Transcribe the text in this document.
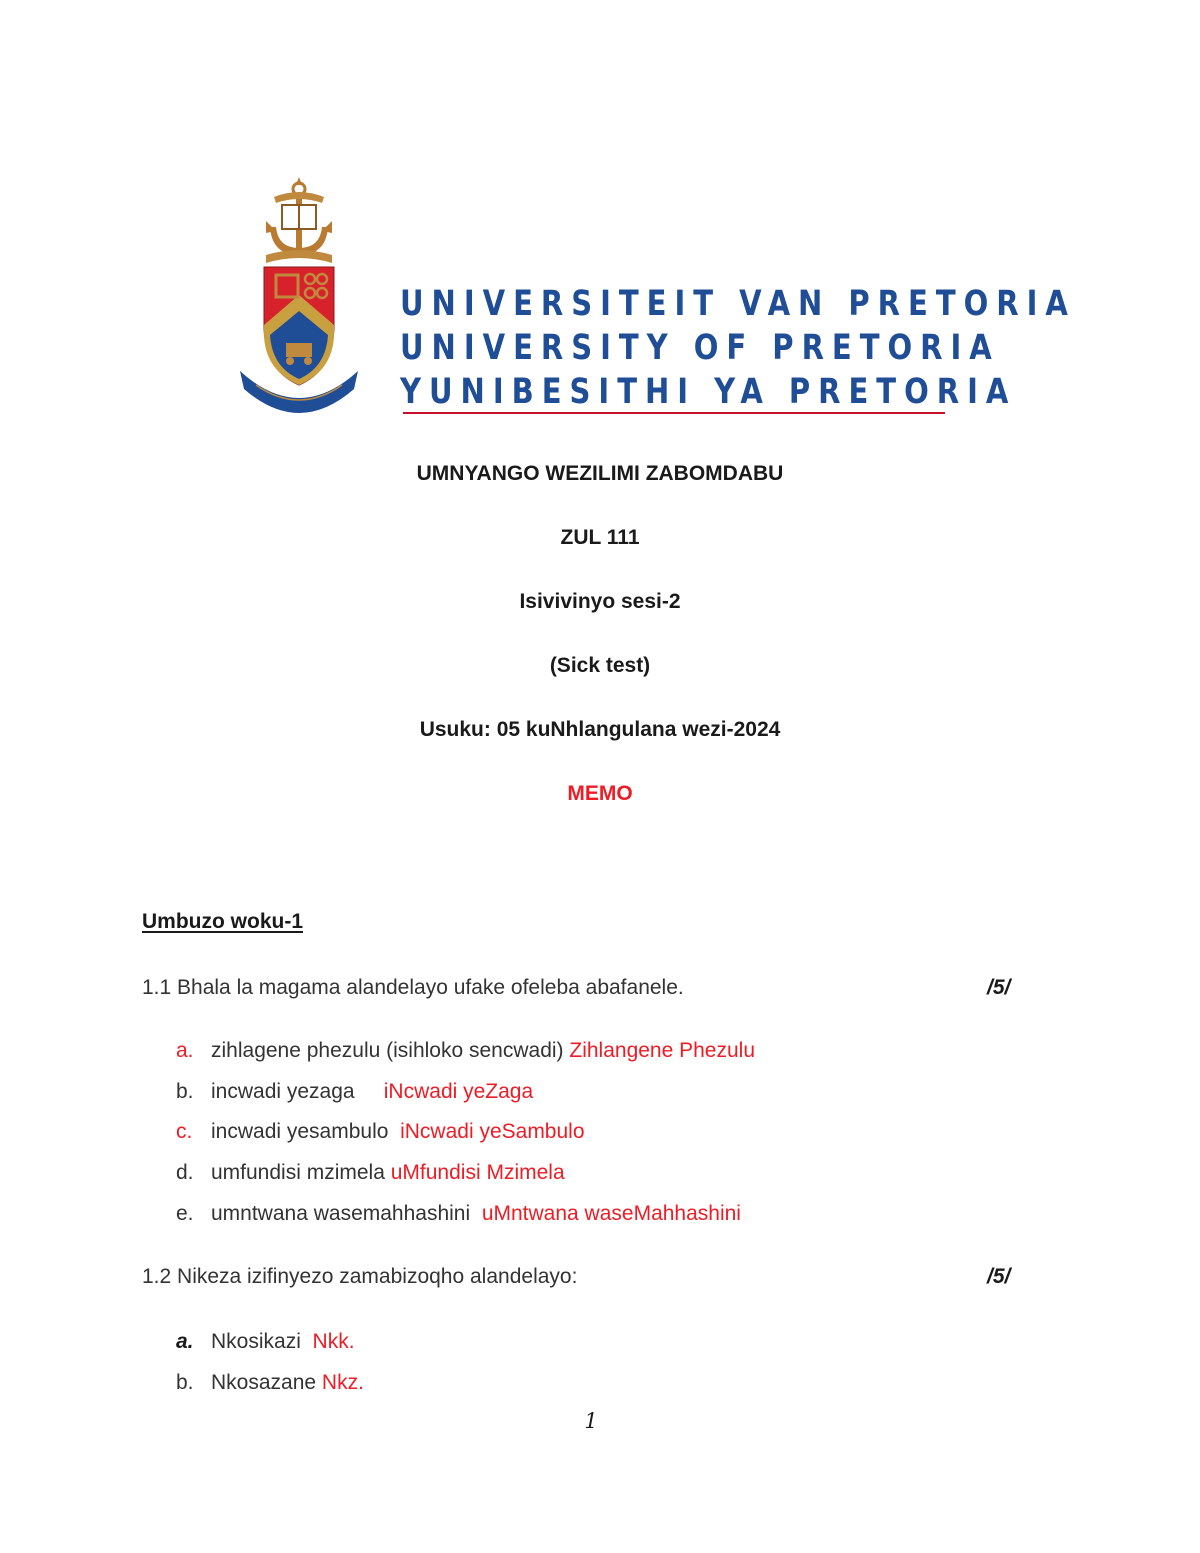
UNIVERSITEIT VAN PRETORIA
UNIVERSITY OF PRETORIA
YUNIBESITHI YA PRETORIA
UMNYANGO WEZILIMI ZABOMDABU
ZUL 111
Isivivinyo sesi-2
(Sick test)
Usuku: 05 kuNhlangulana wezi-2024
MEMO
Umbuzo woku-1
1.1 Bhala la magama alandelayo ufake ofeleba abafanele.	/5/
a. zihlagene phezulu (isihloko sencwadi) Zihlangene Phezulu
b. incwadi yezaga     iNcwadi yeZaga
c. incwadi yesambulo  iNcwadi yeSambulo
d. umfundisi mzimela uMfundisi Mzimela
e. umntwana wasemahhashini  uMntwana waseMahhashini
1.2 Nikeza izifinyezo zamabizoqho alandelayo:	/5/
a. Nkosikazi  Nkk.
b. Nkosazane Nkz.
1
